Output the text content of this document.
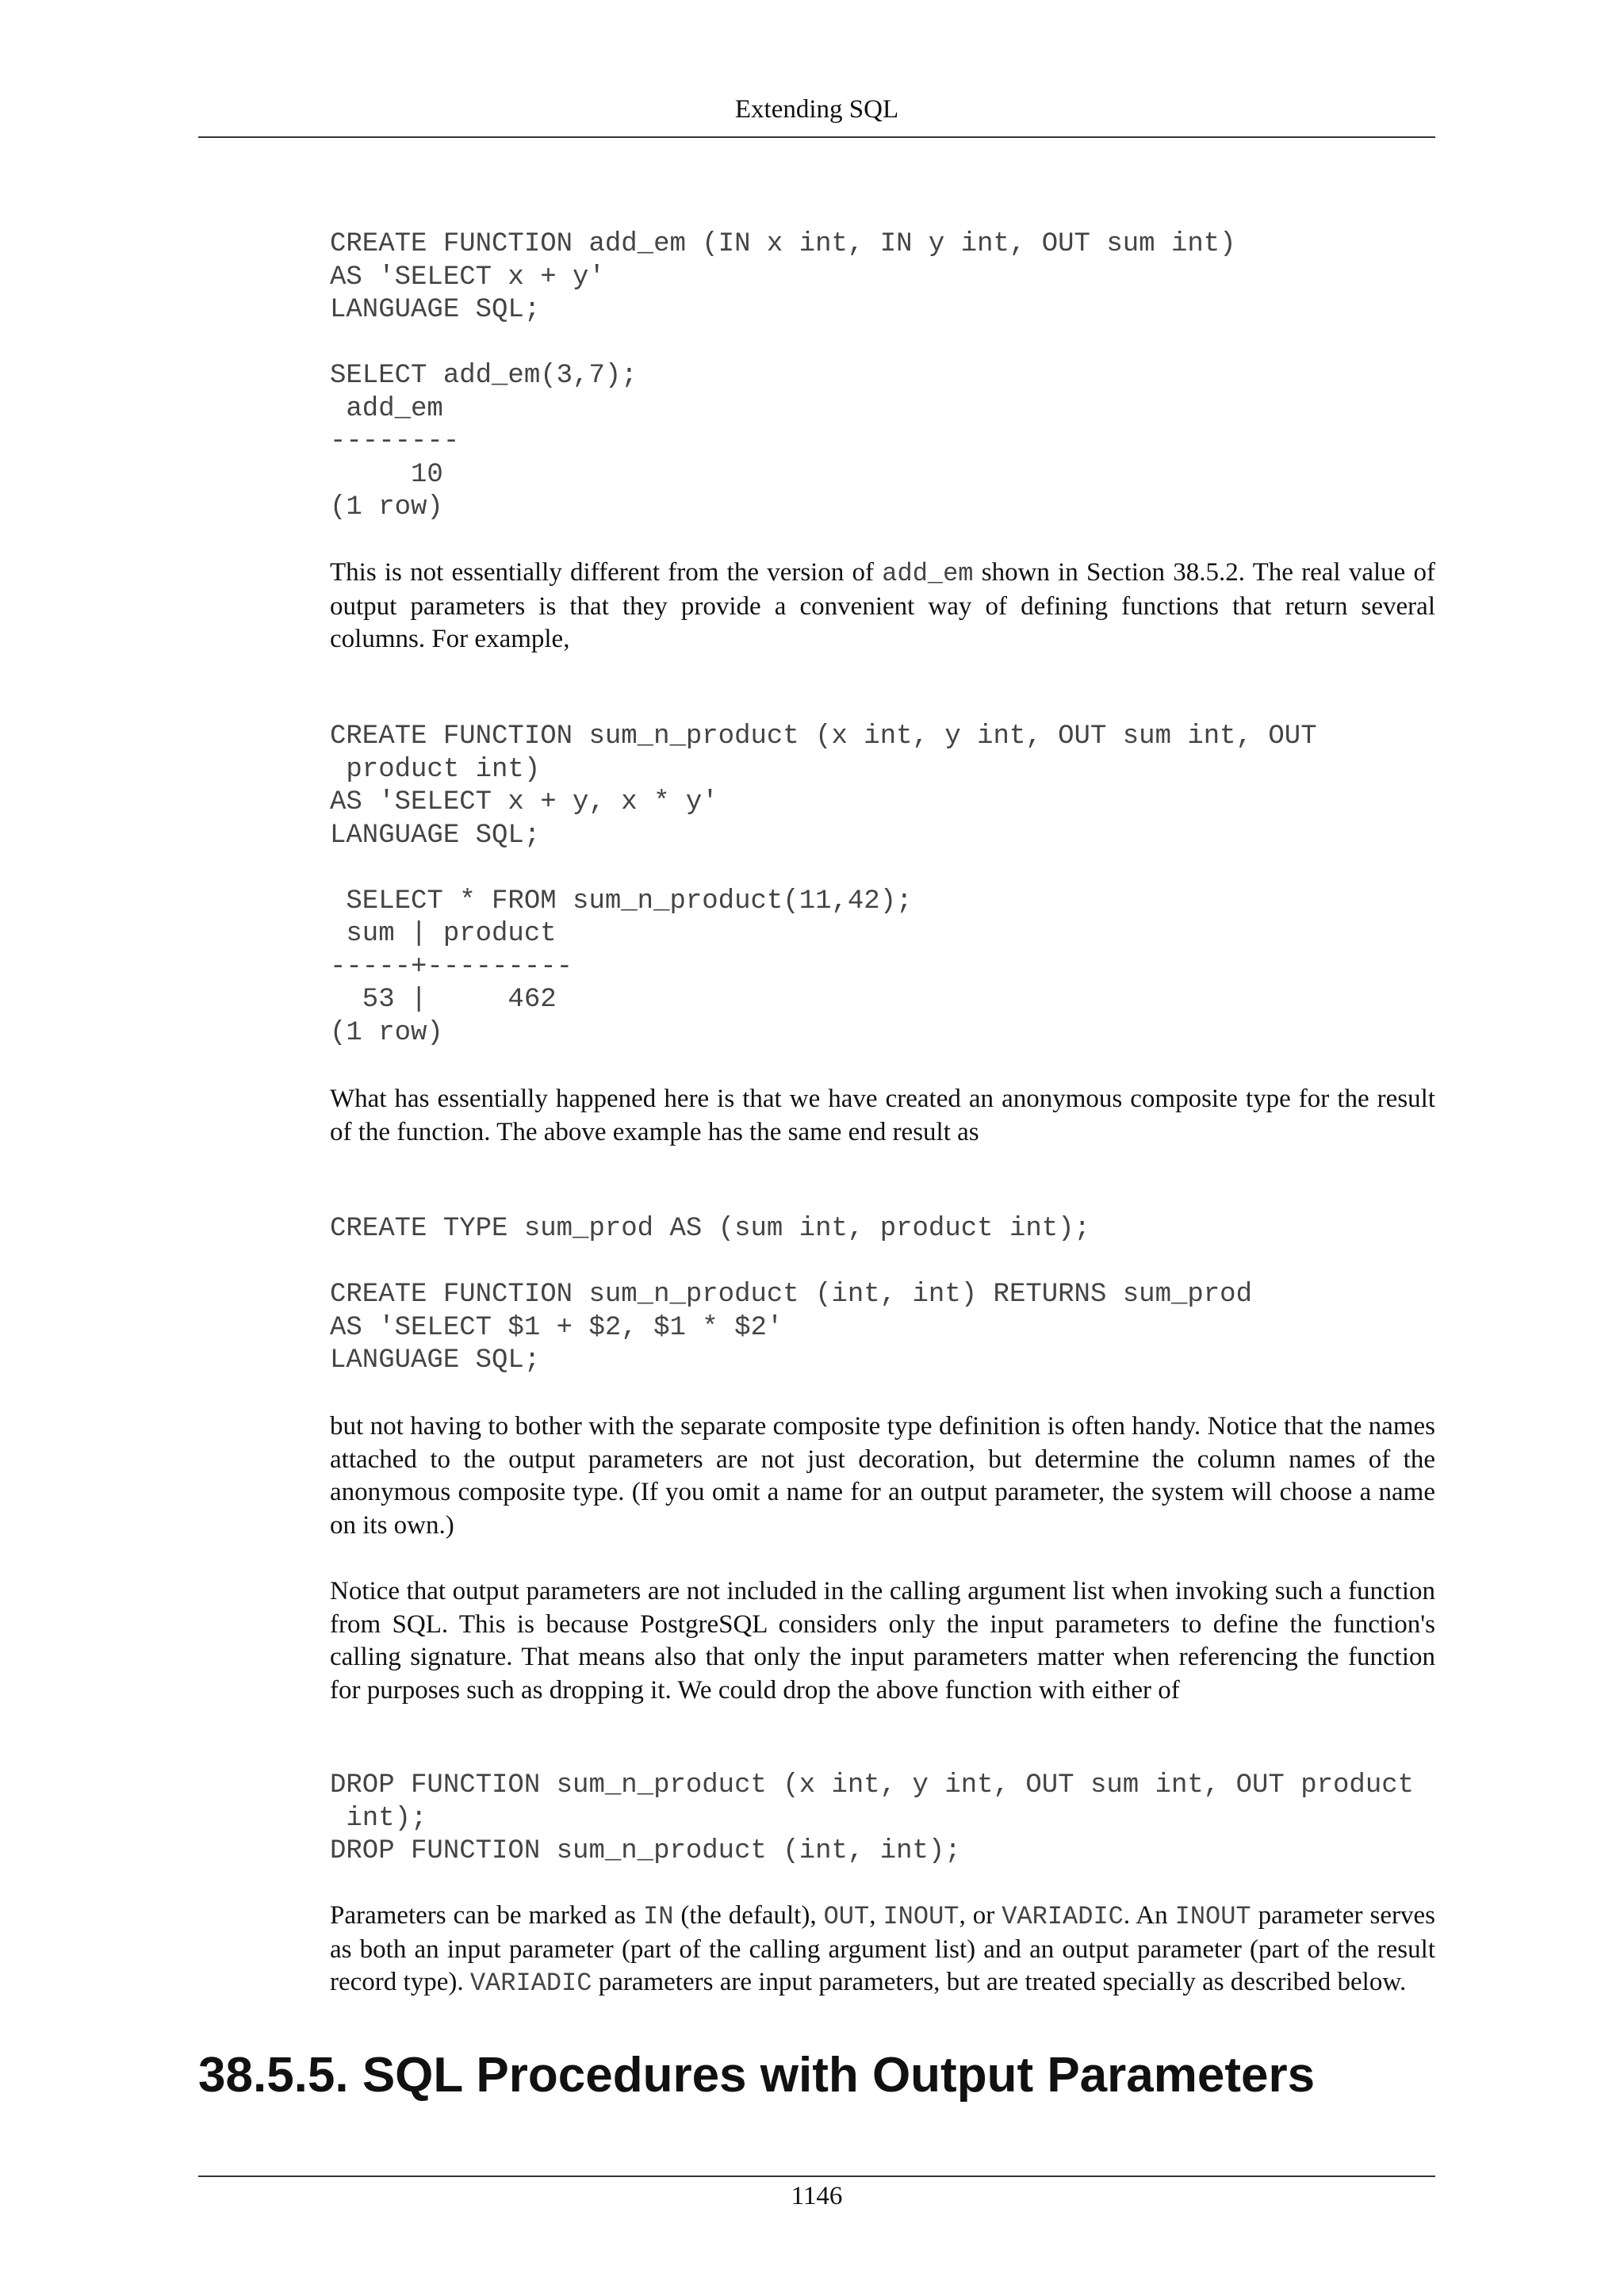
Extending SQL
CREATE FUNCTION add_em (IN x int, IN y int, OUT sum int)
AS 'SELECT x + y'
LANGUAGE SQL;

SELECT add_em(3,7);
add_em
--------
10
(1 row)

This is not essentially different from the version of add_em shown in Section 38.5.2. The real value of output parameters is that they provide a convenient way of defining functions that return several columns. For example,

CREATE FUNCTION sum_n_product (x int, y int, OUT sum int, OUT
product int)
AS 'SELECT x + y, x * y'
LANGUAGE SQL;

SELECT * FROM sum_n_product(11,42);
sum | product
-----+---------
53 |     462
(1 row)

What has essentially happened here is that we have created an anonymous composite type for the result of the function. The above example has the same end result as

CREATE TYPE sum_prod AS (sum int, product int);

CREATE FUNCTION sum_n_product (int, int) RETURNS sum_prod
AS 'SELECT $1 + $2, $1 * $2'
LANGUAGE SQL;

but not having to bother with the separate composite type definition is often handy. Notice that the names attached to the output parameters are not just decoration, but determine the column names of the anonymous composite type. (If you omit a name for an output parameter, the system will choose a name on its own.)

Notice that output parameters are not included in the calling argument list when invoking such a function from SQL. This is because PostgreSQL considers only the input parameters to define the function's calling signature. That means also that only the input parameters matter when referencing the function for purposes such as dropping it. We could drop the above function with either of

DROP FUNCTION sum_n_product (x int, y int, OUT sum int, OUT product
int);
DROP FUNCTION sum_n_product (int, int);

Parameters can be marked as IN (the default), OUT, INOUT, or VARIADIC. An INOUT parameter serves as both an input parameter (part of the calling argument list) and an output parameter (part of the result record type). VARIADIC parameters are input parameters, but are treated specially as described below.

38.5.5. SQL Procedures with Output Parameters
1146
